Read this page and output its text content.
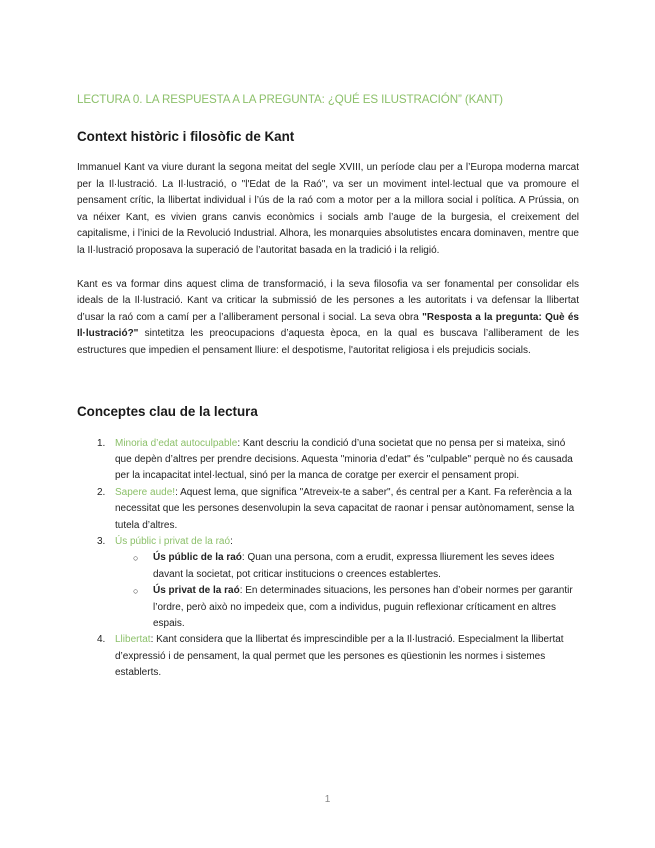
LECTURA 0. LA RESPUESTA A LA PREGUNTA: ¿QUÉ ES ILUSTRACIÓN” (KANT)
Context històric i filosòfic de Kant

Immanuel Kant va viure durant la segona meitat del segle XVIII, un període clau per a l’Europa moderna marcat per la Il·lustració. La Il·lustració, o "l'Edat de la Raó", va ser un moviment intel·lectual que va promoure el pensament crític, la llibertat individual i l’ús de la raó com a motor per a la millora social i política. A Prússia, on va néixer Kant, es vivien grans canvis econòmics i socials amb l’auge de la burgesia, el creixement del capitalisme, i l’inici de la Revolució Industrial. Alhora, les monarquies absolutistes encara dominaven, mentre que la Il·lustració proposava la superació de l’autoritat basada en la tradició i la religió.

Kant es va formar dins aquest clima de transformació, i la seva filosofia va ser fonamental per consolidar els ideals de la Il·lustració. Kant va criticar la submissió de les persones a les autoritats i va defensar la llibertat d’usar la raó com a camí per a l’alliberament personal i social. La seva obra "Resposta a la pregunta: Què és Il·lustració?" sintetitza les preocupacions d’aquesta època, en la qual es buscava l’alliberament de les estructures que impedien el pensament lliure: el despotisme, l'autoritat religiosa i els prejudicis socials.

Conceptes clau de la lectura
1. Minoria d’edat autoculpable: Kant descriu la condició d’una societat que no pensa per si mateixa, sinó que depèn d’altres per prendre decisions. Aquesta "minoria d’edat" és "culpable" perquè no és causada per la incapacitat intel·lectual, sinó per la manca de coratge per exercir el pensament propi.
2. Sapere aude!: Aquest lema, que significa "Atreveix-te a saber", és central per a Kant. Fa referència a la necessitat que les persones desenvolupin la seva capacitat de raonar i pensar autònomament, sense la tutela d’altres.
3. Ús públic i privat de la raó:
○ Ús públic de la raó: Quan una persona, com a erudit, expressa lliurement les seves idees davant la societat, pot criticar institucions o creences establertes.
○ Ús privat de la raó: En determinades situacions, les persones han d’obeir normes per garantir l’ordre, però això no impedeix que, com a individus, puguin reflexionar críticament en altres espais.
4. Llibertat: Kant considera que la llibertat és imprescindible per a la Il·lustració. Especialment la llibertat d’expressió i de pensament, la qual permet que les persones es qüestionin les normes i sistemes establerts.
1
